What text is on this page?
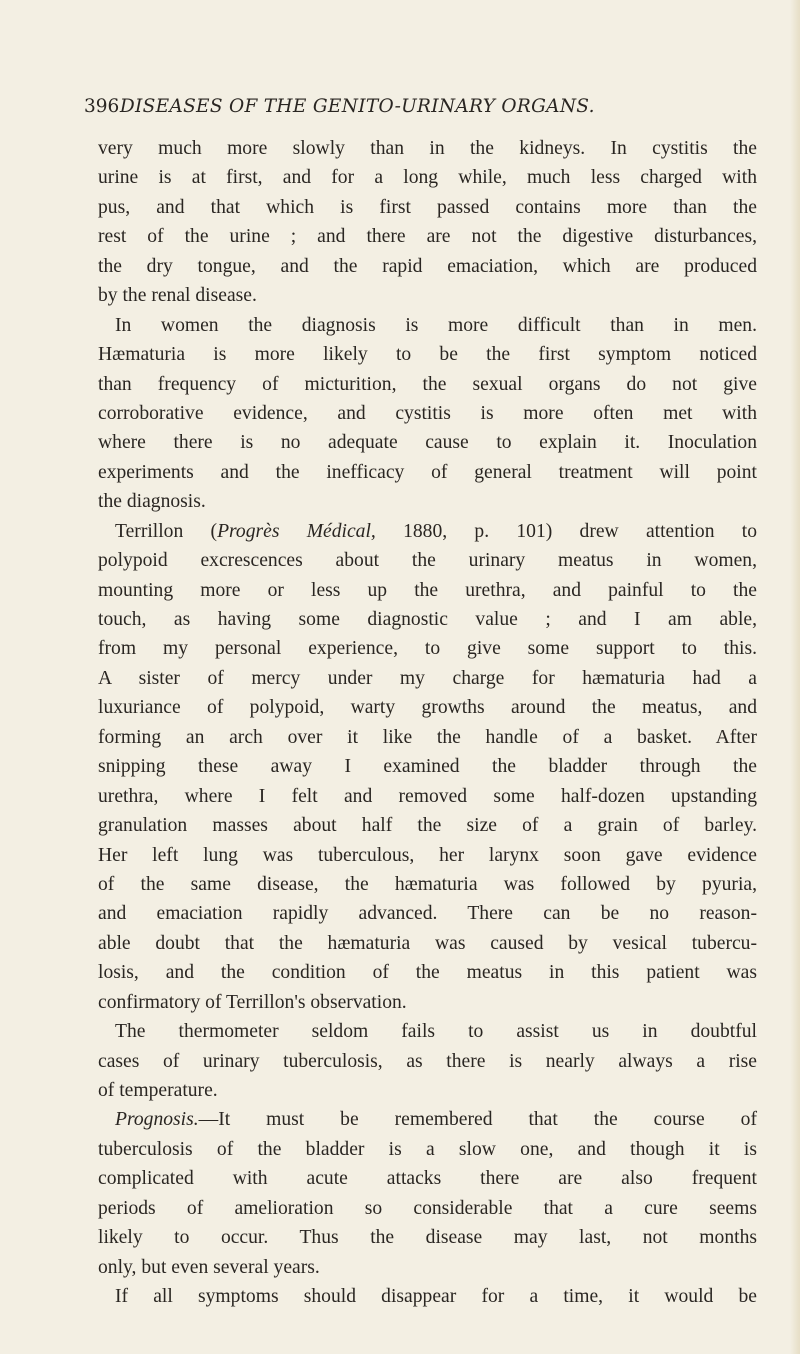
396 DISEASES OF THE GENITO-URINARY ORGANS.
very much more slowly than in the kidneys. In cystitis the
urine is at first, and for a long while, much less charged with
pus, and that which is first passed contains more than the
rest of the urine ; and there are not the digestive disturbances,
the dry tongue, and the rapid emaciation, which are produced
by the renal disease.
In women the diagnosis is more difficult than in men.
Hæmaturia is more likely to be the first symptom noticed
than frequency of micturition, the sexual organs do not give
corroborative evidence, and cystitis is more often met with
where there is no adequate cause to explain it. Inoculation
experiments and the inefficacy of general treatment will point
the diagnosis.
Terrillon (Progrès Médical, 1880, p. 101) drew attention to
polypoid excrescences about the urinary meatus in women,
mounting more or less up the urethra, and painful to the
touch, as having some diagnostic value ; and I am able,
from my personal experience, to give some support to this.
A sister of mercy under my charge for hæmaturia had a
luxuriance of polypoid, warty growths around the meatus, and
forming an arch over it like the handle of a basket. After
snipping these away I examined the bladder through the
urethra, where I felt and removed some half-dozen upstanding
granulation masses about half the size of a grain of barley.
Her left lung was tuberculous, her larynx soon gave evidence
of the same disease, the hæmaturia was followed by pyuria,
and emaciation rapidly advanced. There can be no reason-
able doubt that the hæmaturia was caused by vesical tubercu-
losis, and the condition of the meatus in this patient was
confirmatory of Terrillon's observation.
The thermometer seldom fails to assist us in doubtful
cases of urinary tuberculosis, as there is nearly always a rise
of temperature.
Prognosis.—It must be remembered that the course of
tuberculosis of the bladder is a slow one, and though it is
complicated with acute attacks there are also frequent
periods of amelioration so considerable that a cure seems
likely to occur. Thus the disease may last, not months
only, but even several years.
If all symptoms should disappear for a time, it would be
